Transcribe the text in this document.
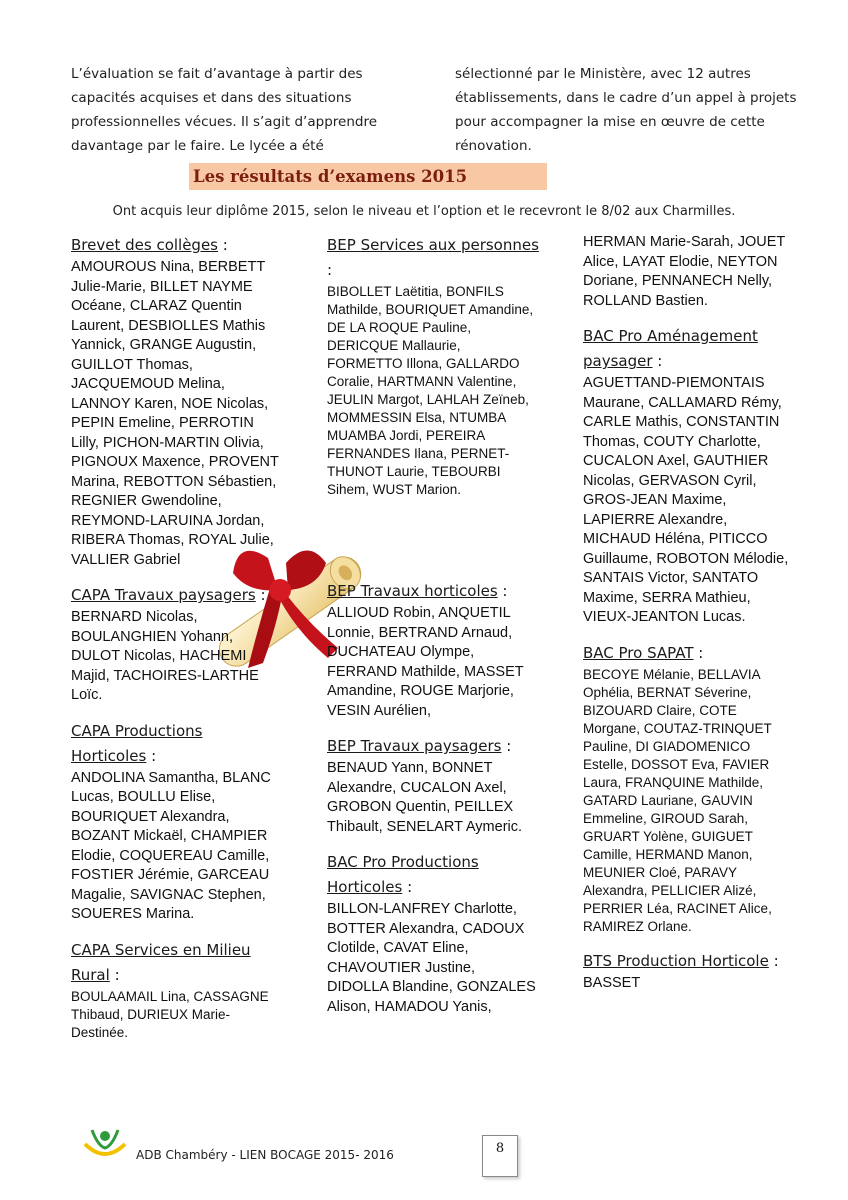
L’évaluation se fait d’avantage à partir des capacités acquises et dans des situations professionnelles vécues. Il s’agit d’apprendre davantage par le faire. Le lycée a été
sélectionné par le Ministère, avec 12 autres établissements, dans le cadre d’un appel à projets pour accompagner la mise en œuvre de cette rénovation.
Les résultats d’examens 2015
Ont acquis leur diplôme 2015, selon le niveau et l’option et le recevront le 8/02 aux Charmilles.
Brevet des collèges :

AMOUROUS Nina, BERBETT Julie-Marie, BILLET NAYME Océane, CLARAZ Quentin Laurent, DESBIOLLES Mathis Yannick, GRANGE Augustin, GUILLOT Thomas, JACQUEMOUD Melina, LANNOY Karen, NOE Nicolas, PEPIN Emeline, PERROTIN Lilly, PICHON-MARTIN Olivia, PIGNOUX Maxence, PROVENT Marina, REBOTTON Sébastien, REGNIER Gwendoline, REYMOND-LARUINA Jordan, RIBERA Thomas, ROYAL Julie, VALLIER Gabriel

CAPA Travaux paysagers :

BERNARD Nicolas, BOULANGHIEN Yohann, DULOT Nicolas, HACHEMI Majid, TACHOIRES-LARTHE Loïc.

CAPA Productions Horticoles :

ANDOLINA Samantha, BLANC Lucas, BOULLU Elise, BOURIQUET Alexandra, BOZANT Mickaël, CHAMPIER Elodie, COQUEREAU Camille, FOSTIER Jérémie, GARCEAU Magalie, SAVIGNAC Stephen, SOUERES Marina.

CAPA Services en Milieu Rural :

BOULAAMAIL Lina, CASSAGNE Thibaud, DURIEUX Marie-Destinée.

BEP Services aux personnes :

BIBOLLET Laëtitia, BONFILS Mathilde, BOURIQUET Amandine, DE LA ROQUE Pauline, DERICQUE Mallaurie, FORMETTO Illona, GALLARDO Coralie, HARTMANN Valentine, JEULIN Margot, LAHLAH Zeïneb, MOMMESSIN Elsa, NTUMBA MUAMBA Jordi, PEREIRA FERNANDES Ilana, PERNET-THUNOT Laurie, TEBOURBI Sihem, WUST Marion.

BEP Travaux horticoles :

ALLIOUD Robin, ANQUETIL Lonnie, BERTRAND Arnaud, DUCHATEAU Olympe, FERRAND Mathilde, MASSET Amandine, ROUGE Marjorie, VESIN Aurélien,

BEP Travaux paysagers :

BENAUD Yann, BONNET Alexandre, CUCALON Axel, GROBON Quentin, PEILLEX Thibault, SENELART Aymeric.

BAC Pro Productions Horticoles :

BILLON-LANFREY Charlotte, BOTTER Alexandra, CADOUX Clotilde, CAVAT Eline, CHAVOUTIER Justine, DIDOLLA Blandine, GONZALES Alison, HAMADOU Yanis,

HERMAN Marie-Sarah, JOUET Alice, LAYAT Elodie, NEYTON Doriane, PENNANECH Nelly, ROLLAND Bastien.

BAC Pro Aménagement paysager :

AGUETTAND-PIEMONTAIS Maurane, CALLAMARD Rémy, CARLE Mathis, CONSTANTIN Thomas, COUTY Charlotte, CUCALON Axel, GAUTHIER Nicolas, GERVASON Cyril, GROS-JEAN Maxime, LAPIERRE Alexandre, MICHAUD Héléna, PITICCO Guillaume, ROBOTON Mélodie, SANTAIS Victor, SANTATO Maxime, SERRA Mathieu, VIEUX-JEANTON Lucas.

BAC Pro SAPAT :

BECOYE Mélanie, BELLAVIA Ophélia, BERNAT Séverine, BIZOUARD Claire, COTE Morgane, COUTAZ-TRINQUET Pauline, DI GIADOMENICO Estelle, DOSSOT Eva, FAVIER Laura, FRANQUINE Mathilde, GATARD Lauriane, GAUVIN Emmeline, GIROUD Sarah, GRUART Yolène, GUIGUET Camille, HERMAND Manon, MEUNIER Cloé, PARAVY Alexandra, PELLICIER Alizé, PERRIER Léa, RACINET Alice, RAMIREZ Orlane.

BTS Production Horticole :

BASSET

ADB Chambéry - LIEN BOCAGE 2015- 2016	8
